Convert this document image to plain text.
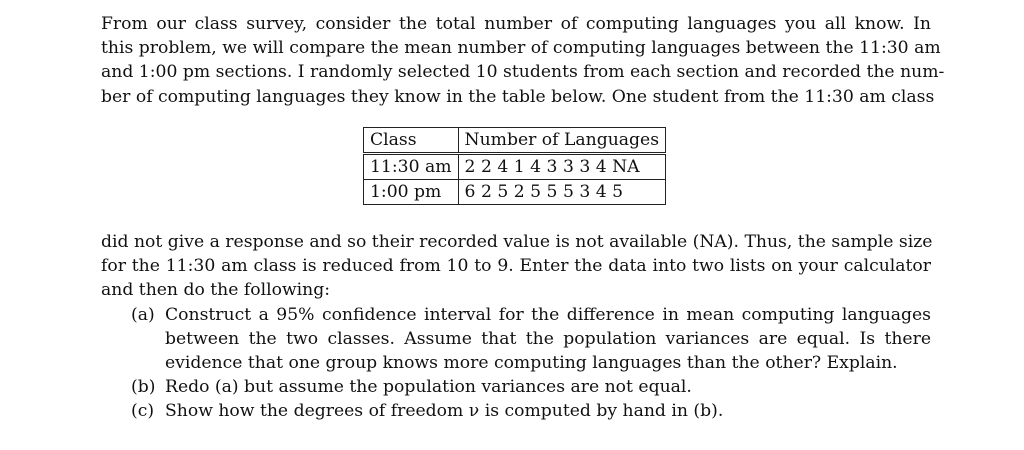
From our class survey, consider the total number of computing languages you all know. In
this problem, we will compare the mean number of computing languages between the 11:30 am
and 1:00 pm sections. I randomly selected 10 students from each section and recorded the num-
ber of computing languages they know in the table below. One student from the 11:30 am class

Class	Number of Languages
11:30 am	2 2 4 1 4 3 3 3 4 NA
1:00 pm	6 2 5 2 5 5 5 3 4 5

did not give a response and so their recorded value is not available (NA). Thus, the sample size
for the 11:30 am class is reduced from 10 to 9. Enter the data into two lists on your calculator
and then do the following:

(a) Construct a 95% confidence interval for the difference in mean computing languages
between the two classes. Assume that the population variances are equal. Is there
evidence that one group knows more computing languages than the other? Explain.
(b) Redo (a) but assume the population variances are not equal.
(c) Show how the degrees of freedom ν is computed by hand in (b).
